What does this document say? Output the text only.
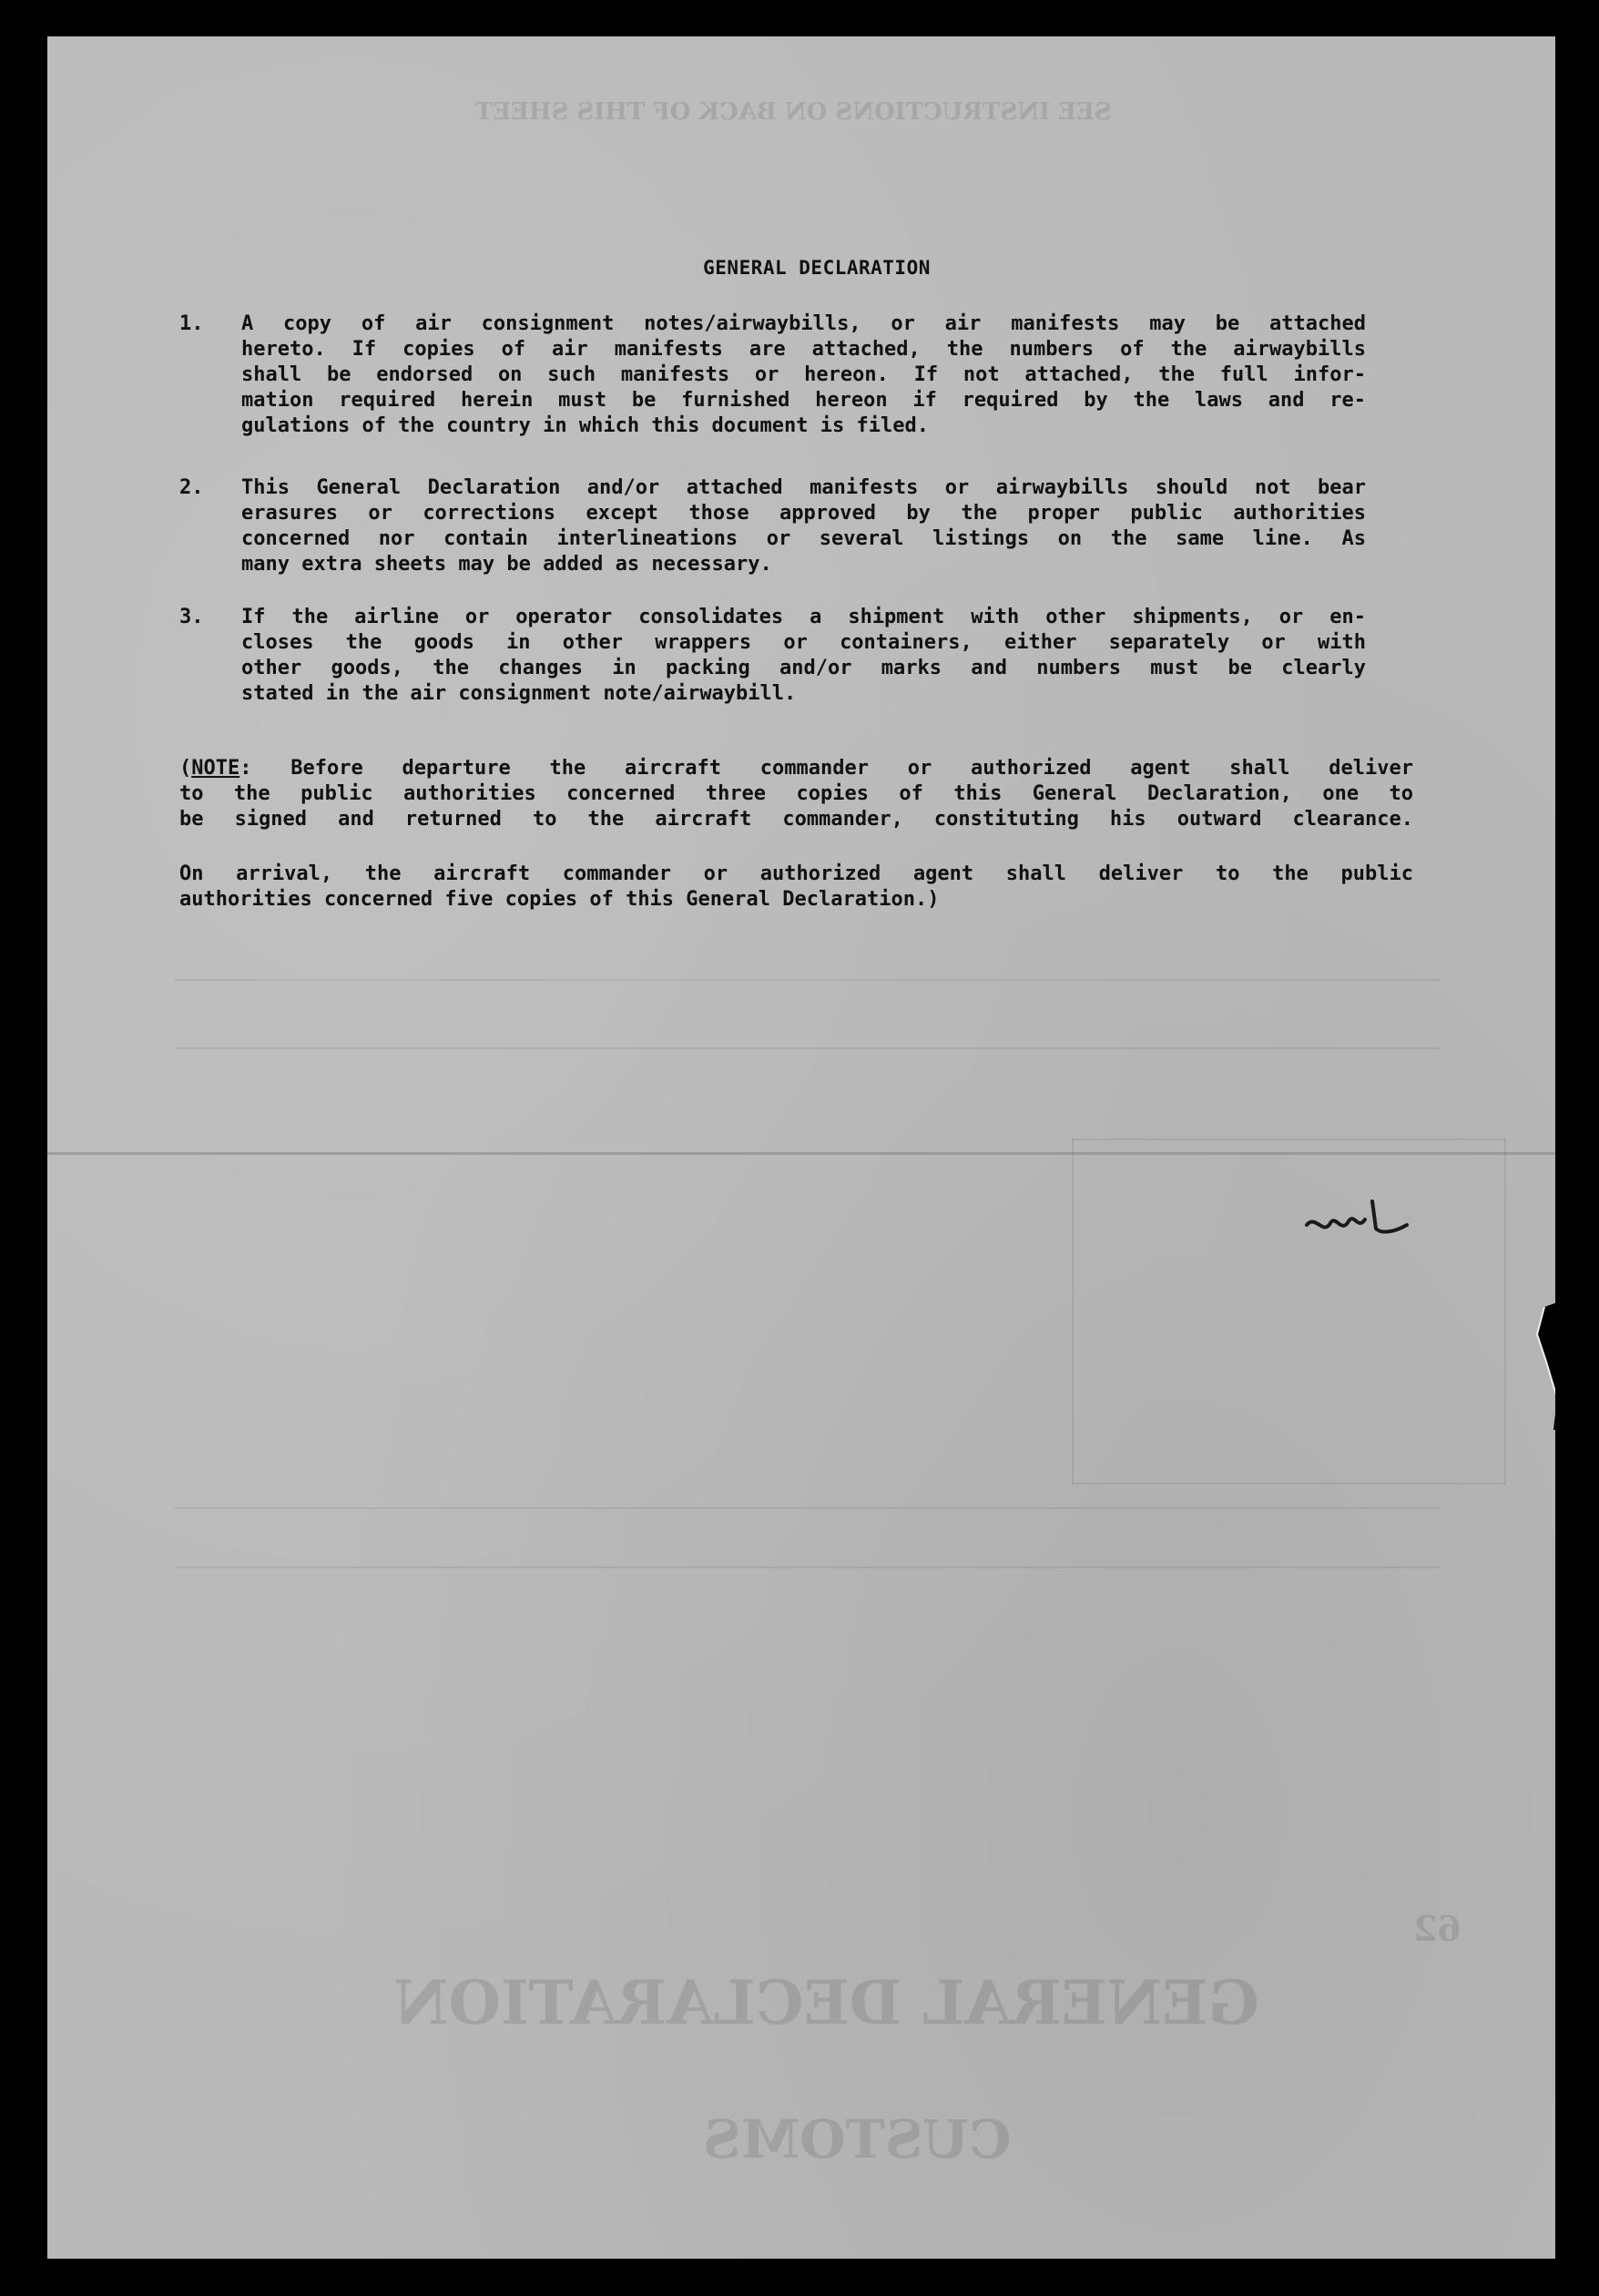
SEE INSTRUCTIONS ON BACK OF THIS SHEET
GENERAL DECLARATION
CUSTOMS
62
GENERAL DECLARATION
1. A copy of air consignment notes/airwaybills, or air manifests may be attached
hereto. If copies of air manifests are attached, the numbers of the airwaybills
shall be endorsed on such manifests or hereon. If not attached, the full infor-
mation required herein must be furnished hereon if required by the laws and re-
gulations of the country in which this document is filed.
2. This General Declaration and/or attached manifests or airwaybills should not bear
erasures or corrections except those approved by the proper public authorities
concerned nor contain interlineations or several listings on the same line. As
many extra sheets may be added as necessary.
3. If the airline or operator consolidates a shipment with other shipments, or en-
closes the goods in other wrappers or containers, either separately or with
other goods, the changes in packing and/or marks and numbers must be clearly
stated in the air consignment note/airwaybill.
(NOTE: Before departure the aircraft commander or authorized agent shall deliver
to the public authorities concerned three copies of this General Declaration, one to
be signed and returned to the aircraft commander, constituting his outward clearance.
On arrival, the aircraft commander or authorized agent shall deliver to the public
authorities concerned five copies of this General Declaration.)
